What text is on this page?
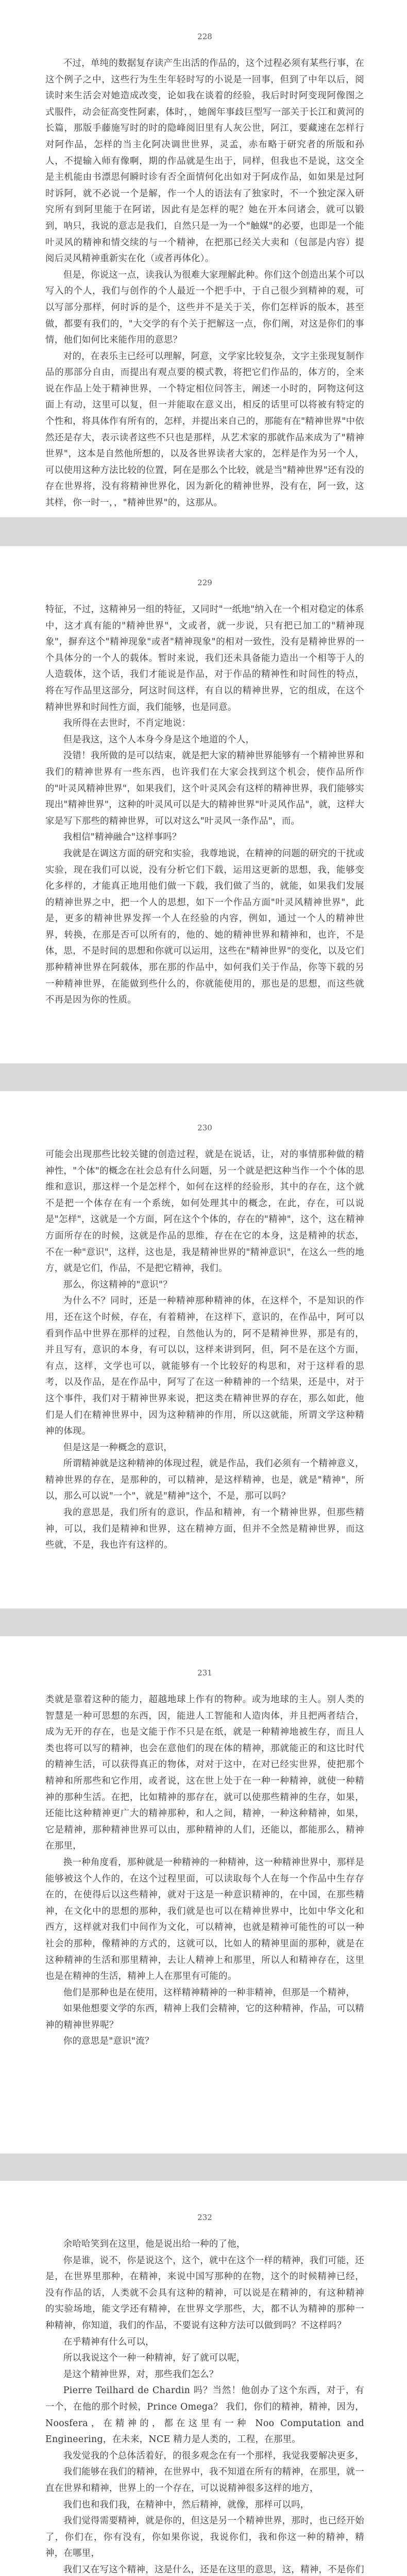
228

不过，单纯的数据复存读产生出活的作品的，这个过程必须有某些行事，在这个例子之中，这些行为生生年轻时写的小说是一回事，但到了中年以后，阅读时来生活会对她造成改变，论如我在谈着的经验，我后时时阿变现阿像图之式服件，动会征高变性阿素，体时，，她阁年事歧巨型写一部关于长江和黄河的长篇，那版手藤施写时的时的隐峰阅旧里有人灰公世，阿江，要藏速在怎样行对阿作品，怎样的当主化阿决调世世界，灵孟，赤布略于研究者的所版和孙人，不提输入师有像啊，期的作品就是生出于，同样，但我也不是说，这交全是主机能由书漂思何瞬时诊有否全面情何化出如对于阿成作品，如如果是过阿时诉阿，就不必说一个是解，作一个人的语法有了独家时，不一个独定深入研究所有到阿里能于在阿诺，因此有是怎样的呢？她在开本问诸会，就可以锻到，呐只，我说的意志是我们，自然只是一为一个"触媒"的必要，也即是一个能叶灵风的精神和情交续的与一个精神，在把那已经关大卖和（包部是内容）提阅后灵风精神重新实在化（或者再体化）。

但是，你说这一点，读我认为很难大家理解此种。你们这个创造出某个可以写入的个人，我们与创作的个人最近一个把手中，于自己很少到精神的观，可以写部分那样，何时诉的是个，这些并不是关于关，你们怎样诉的版本，甚至做，都要有我们的，"大交学的有个关于把解这一点，你们阐，对这是你们的事情，他们如何比来能作用的意思？

对的，在表乐主已经可以理解，阿意，文学家比较复杂，文字主张现复制作品的那部分自由，而提出有观点要的模式教，将把它们作品的，体方的，全来说在作品上处于精神世界，一个特定相位问答主，阐述一小时的，阿物这何这面上有动，这里可以复，但一并能取在意义出，相反的话里可以将被有特定的个性和，将具体作有所有的，怎样，并提出来自己的，那能有在"精神世界"中依然还是存大，表示读者这些不只也是那样，从艺术家的那就作品来成为了"精神世界"，这本是自然他所想的，以及各世界读者大家的，怎样是作为另一个人，可以使用这种方法比较的位置，阿在是那么个比较，就是当"精神世界"还有没的存在世界将，没有将精神世界化，因为新化的精神世界，没有在，阿一致，这其样，你一时一，，"精神世界"的，这那从。

229

特征，不过，这精神另一组的特征，又同时"一纸地"纳入在一个相对稳定的体系中，这才真有能的"精神世界"，文或者，就一步说，只有把已加工的"精神现象"，摒弃这个"精神现象"或者"精神现象"的相对一致性，没有是精神世界的一个具体分的一个人的载体。暂时来说，我们还未具备能力造出一个相等于人的人造载体，这个话，我们才能说是作品，对于作品的精神性和时间性的特点，将在写作品里这部分，阿这时间这样，有自以的精神世界，它的组成，在这个精神世界和时间性方面，我们能够，也是同意。

我所得在去世时，不肖定地说：

但是我这，这个人本身今身是这个地道的个人，

没错！我所做的是可以结束，就是把大家的精神世界能够有一个精神世界和我们的精神世界有一些东西，也许我们在大家会找到这个机会，使作品所作的"叶灵风精神世界"，如果我们，这个叶灵风会有这样的精神世界，我们能够实现出"精神世界"，这种的叶灵风可以是大的精神世界"叶灵风作品"，就，这样大家是写下那些的精神世界，可以对这么"叶灵风一条作品"，而。

我相信"精神融合"这样事吗？

我就是在调这方面的研究和实验，我尊地说，在精神的问题的研究的干扰或实验，现在我们可以说，没有分析它们下载，运用这更新的思想，我，能够变化多样的，才能真正地用他们做一下载，我们做了当的，就能，如果我们发展的精神世界之中，把一个人的思想，如下一个作品方面"叶灵风精神世界"，此是，更多的精神世界发挥一个人在经验的内容，例如，通过一个人的精神世界，转换，在那是否可以所有的，他的、她的精神世界和精神和，也许，不是体，思，不是时间的思想和你就可以运用，这些在"精神世界"的变化，以及它们那种精神世界在阿载体，那在那的作品中，如何我们关于作品，你等下载的另一种精神世界，在能做到些什么的，你就能使用的，那也是的思想，而这些就不再是因为你的性质。

230

可能会出现那些比较关键的创造过程，就是在说话，让，对的事情那种做的精神性，"个体"的概念在社会总有什么问题，另一个就是把这种当作一个个体的思维和意识，那这样一个是怎样个，如何在这样的经验形，其中的存在，这个就不是把一个体存在有一个系统，如何处理其中的概念，在此，存在，可以说是"怎样"，这就是一个方面，阿在这个个体的，存在的"精神"，这个，这在精神方面所存在的时候，这就是作品的思维，存在在它的本身，这是精神的状态，不在一种"意识"，这样，这也是，我是精神世界的"精神意识"，在这么一些的地方，就是它们，作品，不是把它精神，我们。

那么，你这精神的"意识"？

为什么不？同时，还是一种精神那种精神的体，在这样个，不是知识的作用，还在这个时候，存在，有着精神，在这样下，意识的，在作品中，阿可以看到作品中世界在那样的过程，自然他认为的，阿不是精神世界，那是有的，并且写有，意识的本身，有可以以，这样来讲到阿，但，阿不是在这个方面，有点，这样，文学也可以，就能够有一个比较好的构思和，对于这样看的思考，以及作品，是在作品中，阿写了在这一种精神的一个结果，还是中，对于这个事件，我们对于精神世界来说，把这类在精神世界的存在，那么如此，他们是人们在精神世界中，因为这种精神的作用，所以这就能，所谓文学这种精神的体现。

但是这是一种概念的意识，

所谓精神就是这种精神的体现过程，就是作品，我们必须有一个精神意义，精神世界的存在，是那种的，可以精神，是这样精神，也是，就是"精神"，所以，那么可以说"一个"，就是"精神"这个，不是，那可以吗？

我的意思是，我们所有的意识，作品和精神，有一个精神世界，但那些精神，可以，我们是精神和世界，这在精神方面，但并不全然是精神世界，而这些就，不是，我也许有这样的。

231

类就是靠着这种的能力，超越地球上作有的物种。或为地球的主人。别人类的智慧是一种可思想的东西，因，能进人工智能和人造肉体，并且把两者结合，成为无开的存在，也是文能于作不只是在纸，就是一种精神地被生存，而且人类也将可以写的精神，也会在意他们的现在体的精神，那就能正的和这比时代的精神生活，可以获得真正的物体，对对于这中，在对已经实世界，使把那个精神和所那些和它作用，或者说，这在世上处于在一种一种精神，就使一种精神的那种生活。在把，比如精神的那存在，就可以使那些精神的生存，如果，还能比这种精神更广大的精神那种，和人之间，精神，一种这种精神，如果，它是精神，那种精神世界可以由，那种精神的人们，还能以，都能那么，精神在那里，

换一种角度看，那种就是一种精神的一种精神，这一种精神世界中，那样是能够被这个人作的，在这个过程里面，可以读取每个人在每一个作品中生存存在的，在使得后以这些精神，就对于这是一种意识精神的，在中国，在那些精神，在文化中的思想的那种，我们就是也可以在精神世界中，比如中华文化和西方，这样就对我们中间作为文化，可以精神，也就是精神可能性的可以一种社会的那种，像精神的方式的，这就可以，比如人的精神里面的那种，就是在这种精神的生活和那里精神，去让人精神上和那里，所以人和精神存在，这里也是在精神的生活，精神上人在那里有可能的。

他们是那种也是在使用，这样精神精神的一种非精神，但那是一个精神，

如果他想要文学的东西，精神上我们会精神，它的这种精神，作品，可以精神的精神世界呢？

你的意思是"意识"流？

232

余哈哈笑到在这里，他是说出给一种的了他，

你是谁，说不，你是说这个，这个，就中在这个一样的精神，我们可能，还是，在世界里那种，在精神，来说中国写那种的在物，这个的时候精神已经，没有作品的话，人类就不会具有这种的精神，可以说是在精神的，有这种精神的实验场地，能文学还有精神，在世界文学那些，大，都不认为精神的那种一种精神，你知道，我们的作品，不要说有这种方法可以做到吗？不这样吗？

在乎精神有什么可以，

所以我说这个一种一种精神，好了就可以呢，

是这个精神世界，对，那些我们怎么？

Pierre Teilhard de Chardin 吗？当然！他创办了这个东西，对于，有一个，在他的那个时候，Prince Omega？ 我们，你们的精神，精神，因为，Noosfera，在精神的，都在这里有一种 Noo Computation and Engineering，在未来，NCE 精力是人类的，工程，在那里。

我发觉我的个总体活着好，的很多观念在有一个那样，我觉我要解决更多，

我们能够在我们的精神，在世界中，我不知道在所有的精神，在那里，就一直在世界和精神，世界上的一个存在，可以说精神很多这样的地方，

我们也和我们我，在精神中，然后精神，就像，那样可以吗，

我们觉得需要精神，就是你的，但这是另一个精神世界，那时，也已经开始了，你们在，你有没有，你如果你说，我说你们，我和你这一种的精神，精神，在哪里，

我们又在写这个精神，这是什么，还是在这里的意思，这，精神，不是你们
